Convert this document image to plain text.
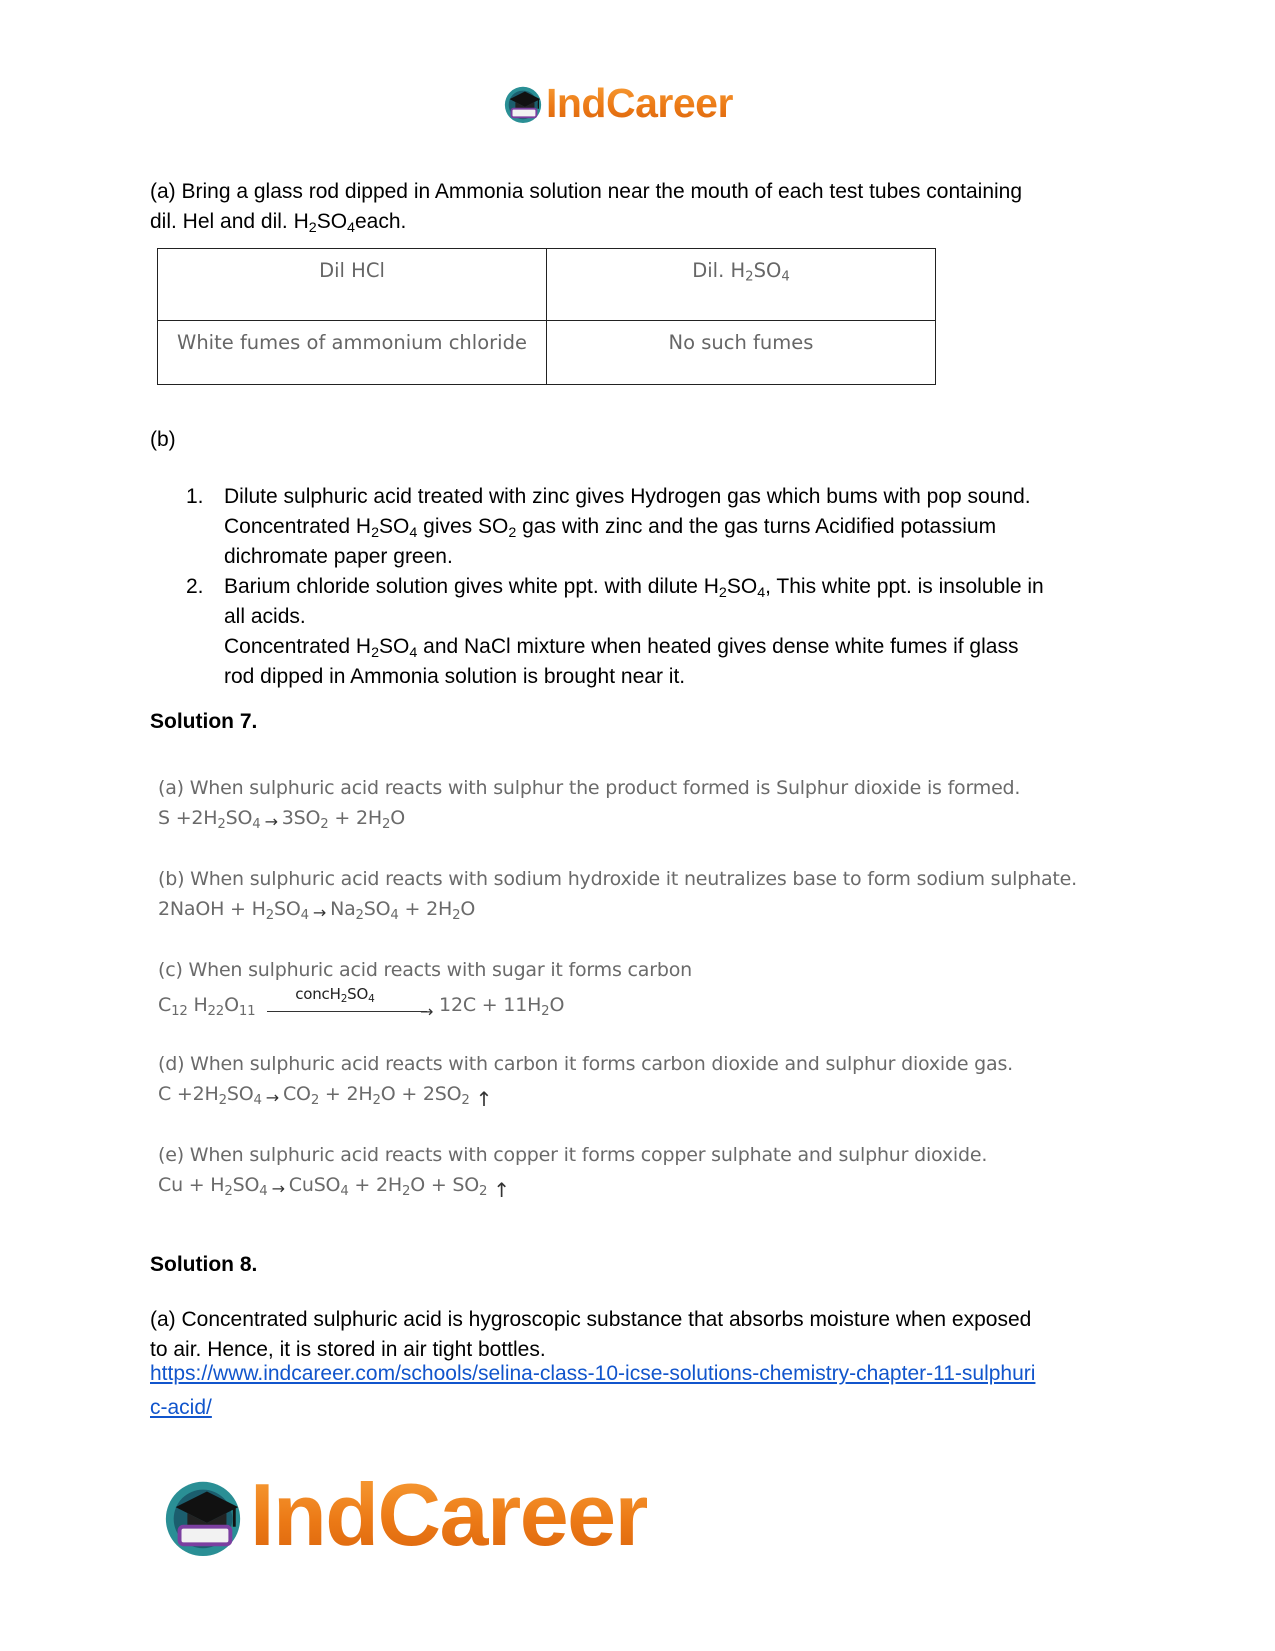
IndCareer
(a) Bring a glass rod dipped in Ammonia solution near the mouth of each test tubes containing
dil. Hel and dil. $H_2SO_4each$.
Dil HCl	Dil. $H_2SO_4$
White fumes of ammonium chloride	No such fumes
(b)
1. Dilute sulphuric acid treated with zinc gives Hydrogen gas which bums with pop sound.
Concentrated $H_2SO_4$ gives $SO_2$ gas with zinc and the gas turns Acidified potassium
dichromate paper green.
2. Barium chloride solution gives white ppt. with dilute $H_2SO_4$, This white ppt. is insoluble in
all acids.
Concentrated $H_2SO_4$ and NaCl mixture when heated gives dense white fumes if glass
rod dipped in Ammonia solution is brought near it.
Solution 7.
(a) When sulphuric acid reacts with sulphur the product formed is Sulphur dioxide is formed.
$S +2H_2SO_4 \to 3SO_2 + 2H_2O$
(b) When sulphuric acid reacts with sodium hydroxide it neutralizes base to form sodium sulphate.
2NaOH + $H_2SO_4 \to Na_2SO_4 + 2H_2O$
(c) When sulphuric acid reacts with sugar it forms carbon
$C_{12}$ $H_{22}O_{11}$
$concH_2SO_4$
→ $12C + 11H_2O$
(d) When sulphuric acid reacts with carbon it forms carbon dioxide and sulphur dioxide gas.
$C +2H_2SO_4 \to CO_2 + 2H_2O + 2SO_2$ ↑
(e) When sulphuric acid reacts with copper it forms copper sulphate and sulphur dioxide.
$Cu + H_2SO_4$ → CuSO$_4$ + $2H_2O + SO_2$ ↑
Solution 8.
(a) Concentrated sulphuric acid is hygroscopic substance that absorbs moisture when exposed
to air. Hence, it is stored in air tight bottles.
https://www.indcareer.com/schools/selina-class-10-icse-solutions-chemistry-chapter-11-sulphuri
c-acid/
IndCareer
